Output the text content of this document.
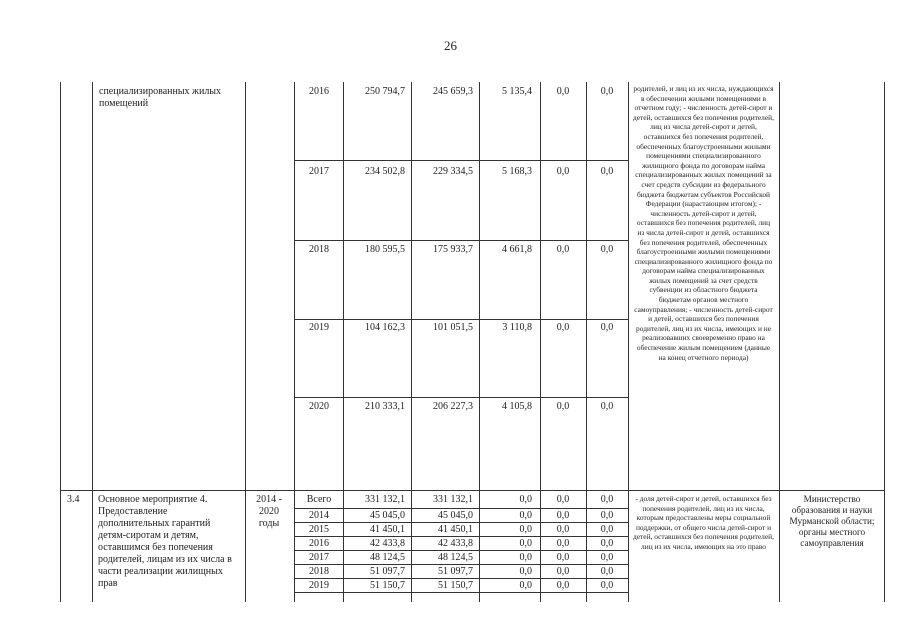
26
специализированных жилых помещений
2016	250 794,7	245 659,3	5 135,4	0,0	0,0
2017	234 502,8	229 334,5	5 168,3	0,0	0,0
2018	180 595,5	175 933,7	4 661,8	0,0	0,0
2019	104 162,3	101 051,5	3 110,8	0,0	0,0
2020	210 333,1	206 227,3	4 105,8	0,0	0,0
родителей, и лиц из их числа, нуждающихся в обеспечении жилыми помещениями в отчетном году; - численность детей-сирот и детей, оставшихся без попечения родителей, лиц из числа детей-сирот и детей, оставшихся без попечения родителей, обеспеченных благоустроенными жилыми помещениями специализированного жилищного фонда по договорам найма специализированных жилых помещений за счет средств субсидии из федерального бюджета бюджетам субъектов Российской Федерации (нарастающим итогом); - численность детей-сирот и детей, оставшихся без попечения родителей, лиц из числа детей-сирот и детей, оставшихся без попечения родителей, обеспеченных благоустроенными жилыми помещениями специализированного жилищного фонда по договорам найма специализированных жилых помещений за счет средств субвенции из областного бюджета бюджетам органов местного самоуправления; - численность детей-сирот и детей, оставшихся без попечения родителей, лиц из их числа, имеющих и не реализовавших своевременно право на обеспечение жилым помещением (данные на конец отчетного периода)
3.4	Основное мероприятие 4. Предоставление дополнительных гарантий детям-сиротам и детям, оставшимся без попечения родителей, лицам из их числа в части реализации жилищных прав
2014 - 2020 годы
Всего	331 132,1	331 132,1	0,0	0,0	0,0
2014	45 045,0	45 045,0	0,0	0,0	0,0
2015	41 450,1	41 450,1	0,0	0,0	0,0
2016	42 433,8	42 433,8	0,0	0,0	0,0
2017	48 124,5	48 124,5	0,0	0,0	0,0
2018	51 097,7	51 097,7	0,0	0,0	0,0
2019	51 150,7	51 150,7	0,0	0,0	0,0
- доля детей-сирот и детей, оставшихся без попечения родителей, лиц из их числа, которым предоставлены меры социальной поддержки, от общего числа детей-сирот и детей, оставшихся без попечения родителей, лиц из их числа, имеющих на это право
Министерство образования и науки Мурманской области; органы местного самоуправления
